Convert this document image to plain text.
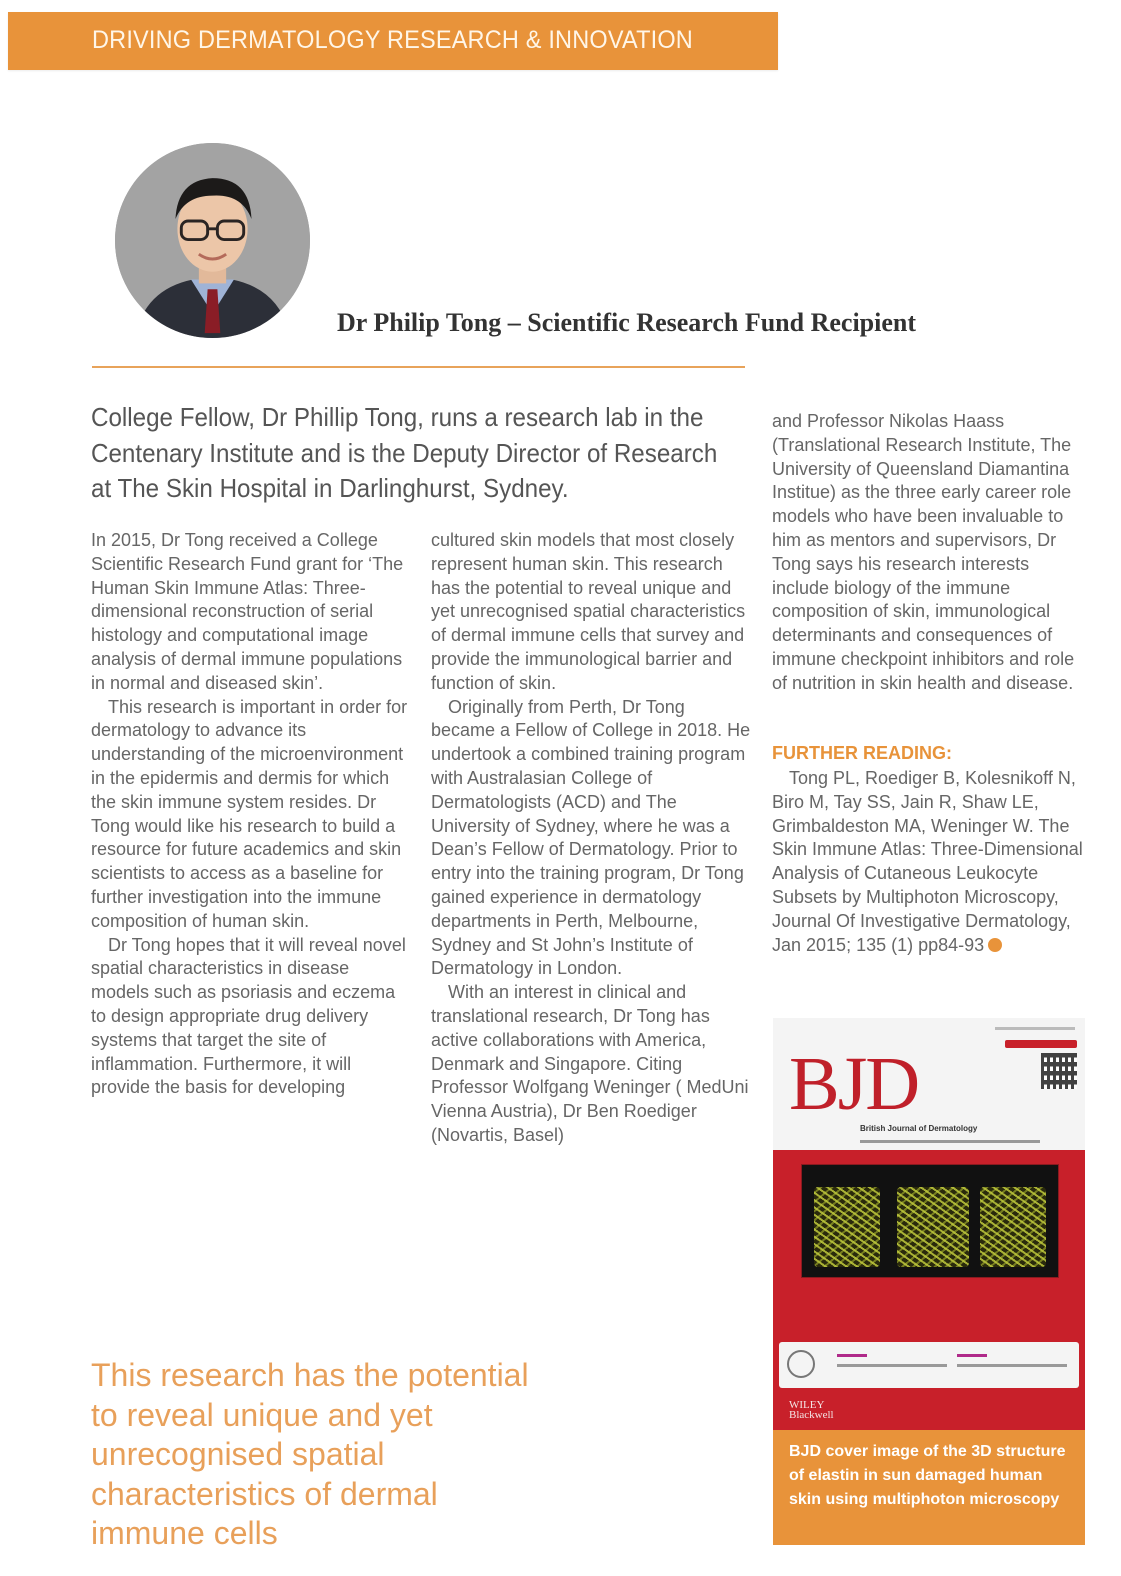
DRIVING DERMATOLOGY RESEARCH & INNOVATION
Dr Philip Tong – Scientific Research Fund Recipient
College Fellow, Dr Phillip Tong, runs a research lab in the Centenary Institute and is the Deputy Director of Research at The Skin Hospital in Darlinghurst, Sydney.

In 2015, Dr Tong received a College Scientific Research Fund grant for ‘The Human Skin Immune Atlas: Three-dimensional reconstruction of serial histology and computational image analysis of dermal immune populations in normal and diseased skin’.

This research is important in order for dermatology to advance its understanding of the microenvironment in the epidermis and dermis for which the skin immune system resides. Dr Tong would like his research to build a resource for future academics and skin scientists to access as a baseline for further investigation into the immune composition of human skin.

Dr Tong hopes that it will reveal novel spatial characteristics in disease models such as psoriasis and eczema to design appropriate drug delivery systems that target the site of inflammation. Furthermore, it will provide the basis for developing

cultured skin models that most closely represent human skin. This research has the potential to reveal unique and yet unrecognised spatial characteristics of dermal immune cells that survey and provide the immunological barrier and function of skin.

Originally from Perth, Dr Tong became a Fellow of College in 2018. He undertook a combined training program with Australasian College of Dermatologists (ACD) and The University of Sydney, where he was a Dean’s Fellow of Dermatology. Prior to entry into the training program, Dr Tong gained experience in dermatology departments in Perth, Melbourne, Sydney and St John’s Institute of Dermatology in London.

With an interest in clinical and translational research, Dr Tong has active collaborations with America, Denmark and Singapore. Citing Professor Wolfgang Weninger ( MedUni Vienna Austria), Dr Ben Roediger (Novartis, Basel)

and Professor Nikolas Haass (Translational Research Institute, The University of Queensland Diamantina Institue) as the three early career role models who have been invaluable to him as mentors and supervisors, Dr Tong says his research interests include biology of the immune composition of skin, immunological determinants and consequences of immune checkpoint inhibitors and role of nutrition in skin health and disease.

FURTHER READING:
Tong PL, Roediger B, Kolesnikoff N, Biro M, Tay SS, Jain R, Shaw LE, Grimbaldeston MA, Weninger W. The Skin Immune Atlas: Three-Dimensional Analysis of Cutaneous Leukocyte Subsets by Multiphoton Microscopy, Journal Of Investigative Dermatology, Jan 2015; 135 (1) pp84-93
This research has the potential to reveal unique and yet unrecognised spatial characteristics of dermal immune cells
BJD
British Journal of Dermatology
WILEY Blackwell
BJD cover image of the 3D structure of elastin in sun damaged human skin using multiphoton microscopy
